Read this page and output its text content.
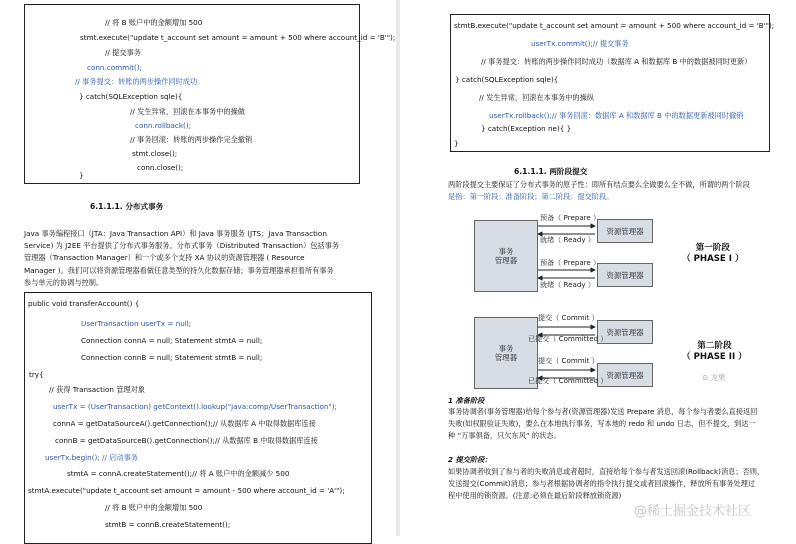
// 将 B 账户中的金额增加 500
stmt.execute("update t_account set amount = amount + 500 where account_id = 'B'");
// 提交事务
conn.commit();
// 事务提交：转账的两步操作同时成功
} catch(SQLException sqle){
// 发生异常，回滚在本事务中的操做
conn.rollback();
// 事务回滚：转账的两步操作完全撤销
stmt.close();
conn.close();
}
6.1.1.1. 分布式事务
Java 事务编程接口（JTA：Java Transaction API）和 Java 事务服务 (JTS；Java Transaction
Service) 为 J2EE 平台提供了分布式事务服务。分布式事务（Distributed Transaction）包括事务
管理器（Transaction Manager）和一个或多个支持 XA 协议的资源管理器 ( Resource
Manager )。我们可以将资源管理器看做任意类型的持久化数据存储；事务管理器承担着所有事务
参与单元的协调与控制。
public void transferAccount() {
UserTransaction userTx = null;
Connection connA = null; Statement stmtA = null;
Connection connB = null; Statement stmtB = null;
try{
// 获得 Transaction 管理对象
userTx = (UserTransaction) getContext().lookup("java:comp/UserTransaction");
connA = getDataSourceA().getConnection();// 从数据库 A 中取得数据库连接
connB = getDataSourceB().getConnection();// 从数据库 B 中取得数据库连接
userTx.begin(); // 启动事务
stmtA = connA.createStatement();// 将 A 账户中的金额减少 500
stmtA.execute("update t_account set amount = amount - 500 where account_id = 'A'");
// 将 B 账户中的金额增加 500
stmtB = connB.createStatement();
stmtB.execute("update t_account set amount = amount + 500 where account_id = 'B'");
userTx.commit();// 提交事务
// 事务提交：转账的两步操作同时成功（数据库 A 和数据库 B 中的数据被同时更新）
} catch(SQLException sqle){
// 发生异常，回滚在本事务中的操纵
userTx.rollback();// 事务回滚：数据库 A 和数据库 B 中的数据更新被同时撤销
} catch(Exception ne){ }
}
6.1.1.1. 两阶段提交
两阶段提交主要保证了分布式事务的原子性：即所有结点要么全做要么全不做，所谓的两个阶段
是指：第一阶段：准备阶段；第二阶段：提交阶段。
事务
管理器
资源管理器
资源管理器
预备（ Prepare ）
就绪（ Ready ）
预备（ Prepare ）
就绪（ Ready ）
第一阶段
（ PHASE I ）
事务
管理器
资源管理器
资源管理器
提交（ Commit ）
已提交（ Committed ）
提交（ Commit ）
已提交（ Committed ）
第二阶段
（ PHASE II ）
⊙ 龙果
1 准备阶段
事务协调者(事务管理器)给每个参与者(资源管理器)发送 Prepare 消息，每个参与者要么直接返回
失败(如权限验证失败)，要么在本地执行事务，写本地的 redo 和 undo 日志，但不提交，到达一
种 “万事俱备，只欠东风” 的状态。
2 提交阶段：
如果协调者收到了参与者的失败消息或者超时，直接给每个参与者发送回滚(Rollback)消息；否则，
发送提交(Commit)消息；参与者根据协调者的指令执行提交或者回滚操作，释放所有事务处理过
程中使用的锁资源。(注意:必须在最后阶段释放锁资源)
@稀土掘金技术社区
